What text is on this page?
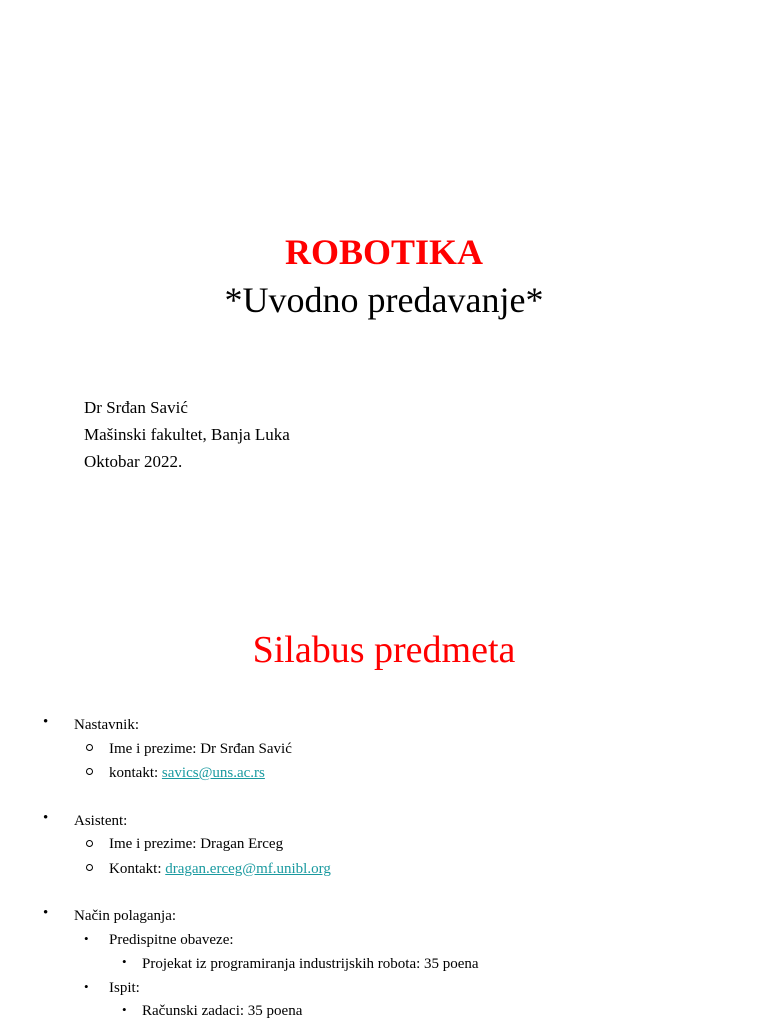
ROBOTIKA
*Uvodno predavanje*
Dr Srđan Savić
Mašinski fakultet, Banja Luka
Oktobar 2022.
Silabus predmeta
• Nastavnik:
Ime i prezime: Dr Srđan Savić
kontakt: savics@uns.ac.rs
• Asistent:
Ime i prezime: Dragan Erceg
Kontakt: dragan.erceg@mf.unibl.org
• Način polaganja:
• Predispitne obaveze:
• Projekat iz programiranja industrijskih robota: 35 poena
• Ispit:
• Računski zadaci: 35 poena
